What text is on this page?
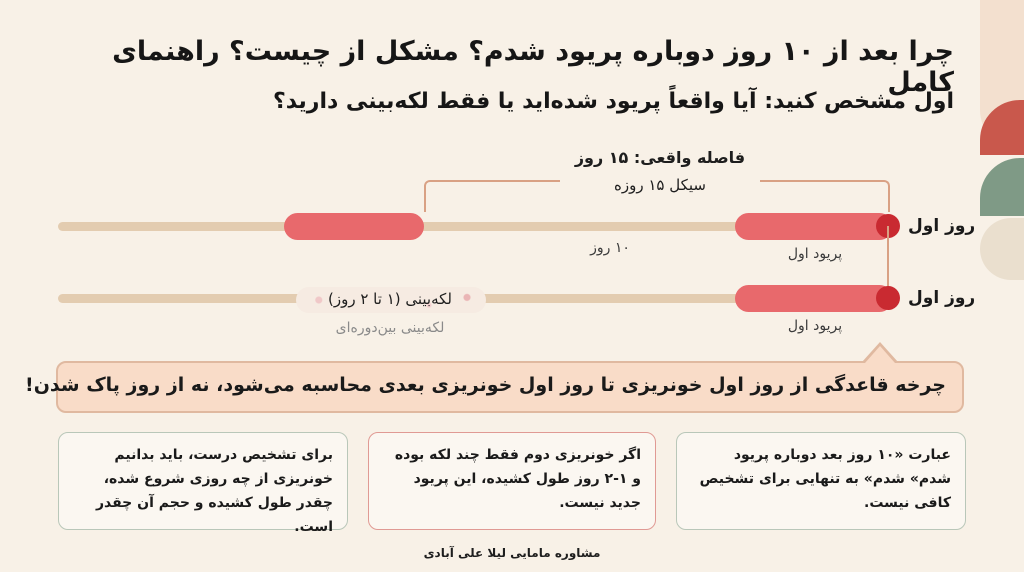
چرا بعد از ۱۰ روز دوباره پریود شدم؟ مشکل از چیست؟ راهنمای کامل
اول مشخص کنید: آیا واقعاً پریود شده‌اید یا فقط لکه‌بینی دارید؟
فاصله واقعی: ۱۵ روز
سیکل ۱۵ روزه
روز اول
۱۰ روز	پریود اول
لکه‌بینی (۱ تا ۲ روز)
لکه‌بینی بین‌دوره‌ای
روز اول
پریود اول
چرخه قاعدگی از روز اول خونریزی تا روز اول خونریزی بعدی محاسبه می‌شود، نه از روز پاک شدن!
عبارت «۱۰ روز بعد دوباره پریود شدم» شدم» به تنهایی برای تشخیص کافی نیست.
اگر خونریزی دوم فقط چند لکه بوده و ۱-۲ روز طول کشیده، این پریود جدید نیست.
برای تشخیص درست، باید بدانیم خونریزی از چه روزی شروع شده، چقدر طول کشیده و حجم آن چقدر است.
مشاوره مامایی لیلا علی آبادی
